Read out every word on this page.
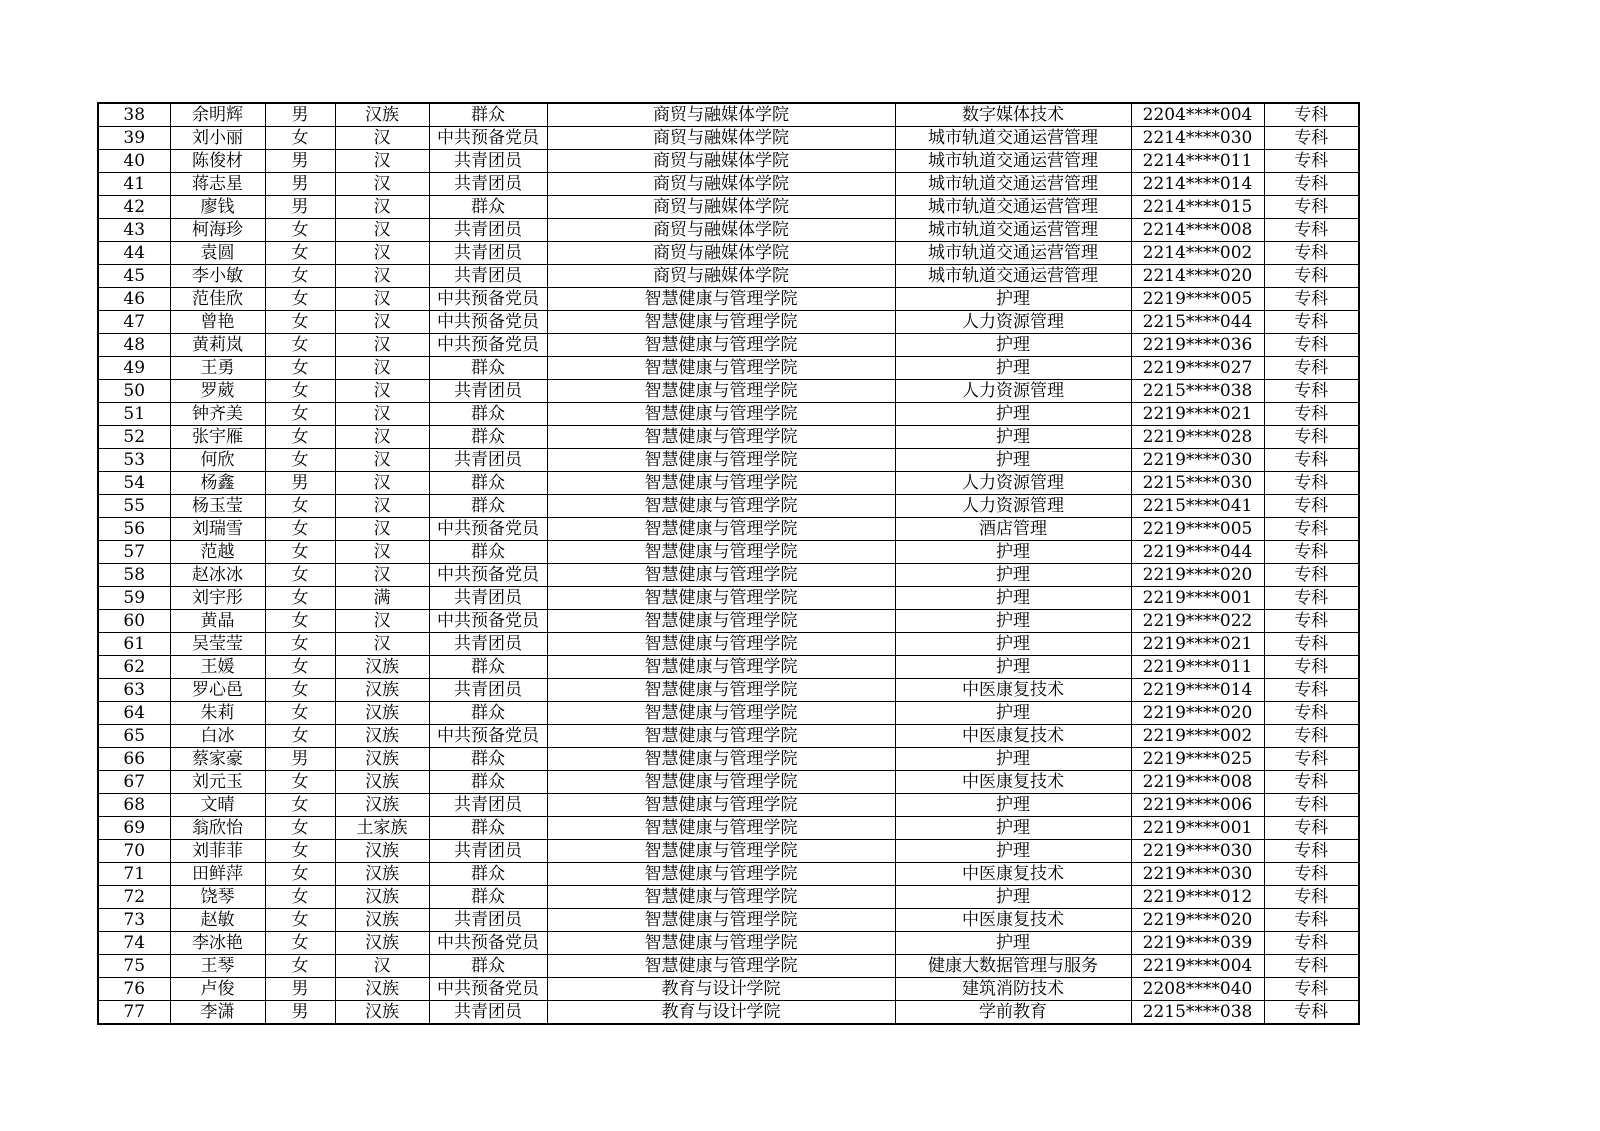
38	余明辉	男	汉族	群众	商贸与融媒体学院	数字媒体技术	2204****004	专科
39	刘小丽	女	汉	中共预备党员	商贸与融媒体学院	城市轨道交通运营管理	2214****030	专科
40	陈俊材	男	汉	共青团员	商贸与融媒体学院	城市轨道交通运营管理	2214****011	专科
41	蒋志星	男	汉	共青团员	商贸与融媒体学院	城市轨道交通运营管理	2214****014	专科
42	廖钱	男	汉	群众	商贸与融媒体学院	城市轨道交通运营管理	2214****015	专科
43	柯海珍	女	汉	共青团员	商贸与融媒体学院	城市轨道交通运营管理	2214****008	专科
44	袁圆	女	汉	共青团员	商贸与融媒体学院	城市轨道交通运营管理	2214****002	专科
45	李小敏	女	汉	共青团员	商贸与融媒体学院	城市轨道交通运营管理	2214****020	专科
46	范佳欣	女	汉	中共预备党员	智慧健康与管理学院	护理	2219****005	专科
47	曾艳	女	汉	中共预备党员	智慧健康与管理学院	人力资源管理	2215****044	专科
48	黄莉岚	女	汉	中共预备党员	智慧健康与管理学院	护理	2219****036	专科
49	王勇	女	汉	群众	智慧健康与管理学院	护理	2219****027	专科
50	罗葳	女	汉	共青团员	智慧健康与管理学院	人力资源管理	2215****038	专科
51	钟齐美	女	汉	群众	智慧健康与管理学院	护理	2219****021	专科
52	张宇雁	女	汉	群众	智慧健康与管理学院	护理	2219****028	专科
53	何欣	女	汉	共青团员	智慧健康与管理学院	护理	2219****030	专科
54	杨鑫	男	汉	群众	智慧健康与管理学院	人力资源管理	2215****030	专科
55	杨玉莹	女	汉	群众	智慧健康与管理学院	人力资源管理	2215****041	专科
56	刘瑞雪	女	汉	中共预备党员	智慧健康与管理学院	酒店管理	2219****005	专科
57	范越	女	汉	群众	智慧健康与管理学院	护理	2219****044	专科
58	赵冰冰	女	汉	中共预备党员	智慧健康与管理学院	护理	2219****020	专科
59	刘宇彤	女	满	共青团员	智慧健康与管理学院	护理	2219****001	专科
60	黄晶	女	汉	中共预备党员	智慧健康与管理学院	护理	2219****022	专科
61	吴莹莹	女	汉	共青团员	智慧健康与管理学院	护理	2219****021	专科
62	王媛	女	汉族	群众	智慧健康与管理学院	护理	2219****011	专科
63	罗心邑	女	汉族	共青团员	智慧健康与管理学院	中医康复技术	2219****014	专科
64	朱莉	女	汉族	群众	智慧健康与管理学院	护理	2219****020	专科
65	白冰	女	汉族	中共预备党员	智慧健康与管理学院	中医康复技术	2219****002	专科
66	蔡家豪	男	汉族	群众	智慧健康与管理学院	护理	2219****025	专科
67	刘元玉	女	汉族	群众	智慧健康与管理学院	中医康复技术	2219****008	专科
68	文晴	女	汉族	共青团员	智慧健康与管理学院	护理	2219****006	专科
69	翁欣怡	女	土家族	群众	智慧健康与管理学院	护理	2219****001	专科
70	刘菲菲	女	汉族	共青团员	智慧健康与管理学院	护理	2219****030	专科
71	田鲜萍	女	汉族	群众	智慧健康与管理学院	中医康复技术	2219****030	专科
72	饶琴	女	汉族	群众	智慧健康与管理学院	护理	2219****012	专科
73	赵敏	女	汉族	共青团员	智慧健康与管理学院	中医康复技术	2219****020	专科
74	李冰艳	女	汉族	中共预备党员	智慧健康与管理学院	护理	2219****039	专科
75	王琴	女	汉	群众	智慧健康与管理学院	健康大数据管理与服务	2219****004	专科
76	卢俊	男	汉族	中共预备党员	教育与设计学院	建筑消防技术	2208****040	专科
77	李潇	男	汉族	共青团员	教育与设计学院	学前教育	2215****038	专科
